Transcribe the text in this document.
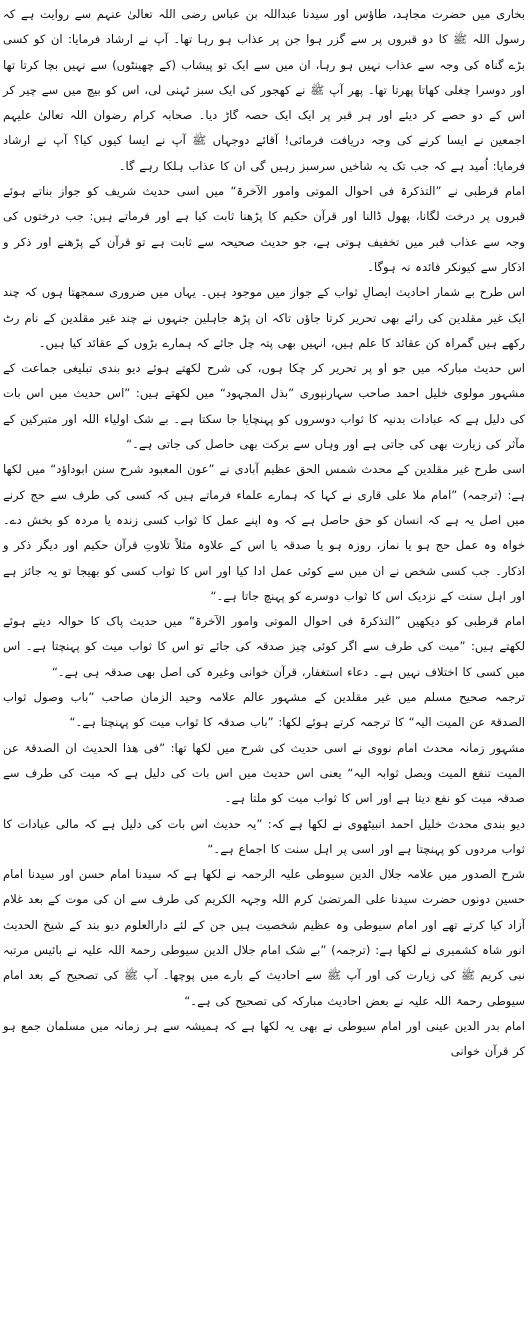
بخاری میں حضرت مجاہد، طاؤس اور سیدنا عبداللہ بن عباس رضی اللہ تعالیٰ عنہم سے روایت ہے کہ رسول اللہ ﷺ کا دو قبروں پر سے گزر ہوا جن پر عذاب ہو رہا تھا۔ آپ نے ارشاد فرمایا: ان کو کسی بڑے گناہ کی وجہ سے عذاب نہیں ہو رہا، ان میں سے ایک تو پیشاب (کے چھینٹوں) سے نہیں بچا کرتا تھا اور دوسرا چغلی کھاتا پھرتا تھا۔ پھر آپ ﷺ نے کھجور کی ایک سبز ٹہنی لی، اس کو بیچ میں سے چیر کر اس کے دو حصے کر دیئے اور ہر قبر پر ایک ایک حصہ گاڑ دیا۔ صحابہ کرام رضوان اللہ تعالیٰ علیہم اجمعین نے ایسا کرنے کی وجہ دریافت فرمائی! آقائے دوجہاں ﷺ آپ نے ایسا کیوں کیا؟ آپ نے ارشاد فرمایا: اُمید ہے کہ جب تک یہ شاخیں سرسبز رہیں گی ان کا عذاب ہلکا رہے گا۔

امام قرطبی نے ”التذکرۃ فی احوال الموتی وامور الآخرۃ“ میں اسی حدیث شریف کو جواز بناتے ہوئے قبروں پر درخت لگانا، پھول ڈالنا اور قرآن حکیم کا پڑھنا ثابت کیا ہے اور فرماتے ہیں: جب درختوں کی وجہ سے عذاب قبر میں تخفیف ہوتی ہے، جو حدیث صحیحہ سے ثابت ہے تو قرآن کے پڑھنے اور ذکر و اذکار سے کیونکر فائدہ نہ ہوگا۔

اس طرح بے شمار احادیث ایصالِ ثواب کے جواز میں موجود ہیں۔ یہاں میں ضروری سمجھتا ہوں کہ چند ایک غیر مقلدین کی رائے بھی تحریر کرتا جاؤں تاکہ ان پڑھ جاہلین جنہوں نے چند غیر مقلدین کے نام رٹ رکھے ہیں گمراہ کن عقائد کا علم ہیں، انہیں بھی پتہ چل جائے کہ ہمارے بڑوں کے عقائد کیا ہیں۔

اس حدیث مبارکہ میں جو او پر تحریر کر چکا ہوں، کی شرح لکھتے ہوئے دیو بندی تبلیغی جماعت کے مشہور مولوی خلیل احمد صاحب سہارنپوری ”بذل المجہود“ میں لکھتے ہیں: ”اس حدیث میں اس بات کی دلیل ہے کہ عبادات بدنیہ کا ثواب دوسروں کو پہنچایا جا سکتا ہے۔ بے شک اولیاء اللہ اور متبرکین کے مآثر کی زیارت بھی کی جاتی ہے اور وہاں سے برکت بھی حاصل کی جاتی ہے۔“

اسی طرح غیر مقلدین کے محدث شمس الحق عظیم آبادی نے ”عون المعبود شرح سنن ابوداؤد“ میں لکھا ہے: (ترجمہ) ”امام ملا علی قاری نے کہا کہ ہمارے علماء فرماتے ہیں کہ کسی کی طرف سے حج کرنے میں اصل یہ ہے کہ انسان کو حق حاصل ہے کہ وہ اپنے عمل کا ثواب کسی زندہ یا مردہ کو بخش دے۔ خواہ وہ عمل حج ہو یا نماز، روزہ ہو یا صدقہ یا اس کے علاوہ مثلاً تلاوتِ قرآن حکیم اور دیگر ذکر و اذکار۔ جب کسی شخص نے ان میں سے کوئی عمل ادا کیا اور اس کا ثواب کسی کو بھیجا تو یہ جائز ہے اور اہل سنت کے نزدیک اس کا ثواب دوسرے کو پہنچ جاتا ہے۔“

امام قرطبی کو دیکھیں ”التذکرۃ فی احوال الموتی وامور الآخرۃ“ میں حدیث پاک کا حوالہ دیتے ہوئے لکھتے ہیں: ”میت کی طرف سے اگر کوئی چیز صدقہ کی جائے تو اس کا ثواب میت کو پہنچتا ہے۔ اس میں کسی کا اختلاف نہیں ہے۔ دعاء استغفار، قرآن خوانی وغیرہ کی اصل بھی صدقہ ہی ہے۔“

ترجمہ صحیح مسلم میں غیر مقلدین کے مشہور عالم علامہ وحید الزمان صاحب ”باب وصول ثواب الصدقۃ عن المیت الیہ“ کا ترجمہ کرتے ہوئے لکھا: ”باب صدقہ کا ثواب میت کو پہنچتا ہے۔“

مشہور زمانہ محدث امام نووی نے اسی حدیث کی شرح میں لکھا تھا: ”فی ھذا الحدیث ان الصدقۃ عن المیت تنفع المیت ویصل ثوابہ الیہ“ یعنی اس حدیث میں اس بات کی دلیل ہے کہ میت کی طرف سے صدقہ میت کو نفع دیتا ہے اور اس کا ثواب میت کو ملتا ہے۔

دیو بندی محدث خلیل احمد انبیٹھوی نے لکھا ہے کہ: ”یہ حدیث اس بات کی دلیل ہے کہ مالی عبادات کا ثواب مردوں کو پہنچتا ہے اور اسی پر اہل سنت کا اجماع ہے۔“

شرح الصدور میں علامہ جلال الدین سیوطی علیہ الرحمہ نے لکھا ہے کہ سیدنا امام حسن اور سیدنا امام حسین دونوں حضرت سیدنا علی المرتضیٰ کرم اللہ وجہہ الکریم کی طرف سے ان کی موت کے بعد غلام آزاد کیا کرتے تھے اور امام سیوطی وہ عظیم شخصیت ہیں جن کے لئے دارالعلوم دیو بند کے شیخ الحدیث انور شاہ کشمیری نے لکھا ہے: (ترجمہ) ”بے شک امام جلال الدین سیوطی رحمۃ اللہ علیہ نے بائیس مرتبہ نبی کریم ﷺ کی زیارت کی اور آپ ﷺ سے احادیث کے بارے میں پوچھا۔ آپ ﷺ کی تصحیح کے بعد امام سیوطی رحمۃ اللہ علیہ نے بعض احادیث مبارکہ کی تصحیح کی ہے۔“

امام بدر الدین عینی اور امام سیوطی نے بھی یہ لکھا ہے کہ ہمیشہ سے ہر زمانہ میں مسلمان جمع ہو کر قرآن خوانی
